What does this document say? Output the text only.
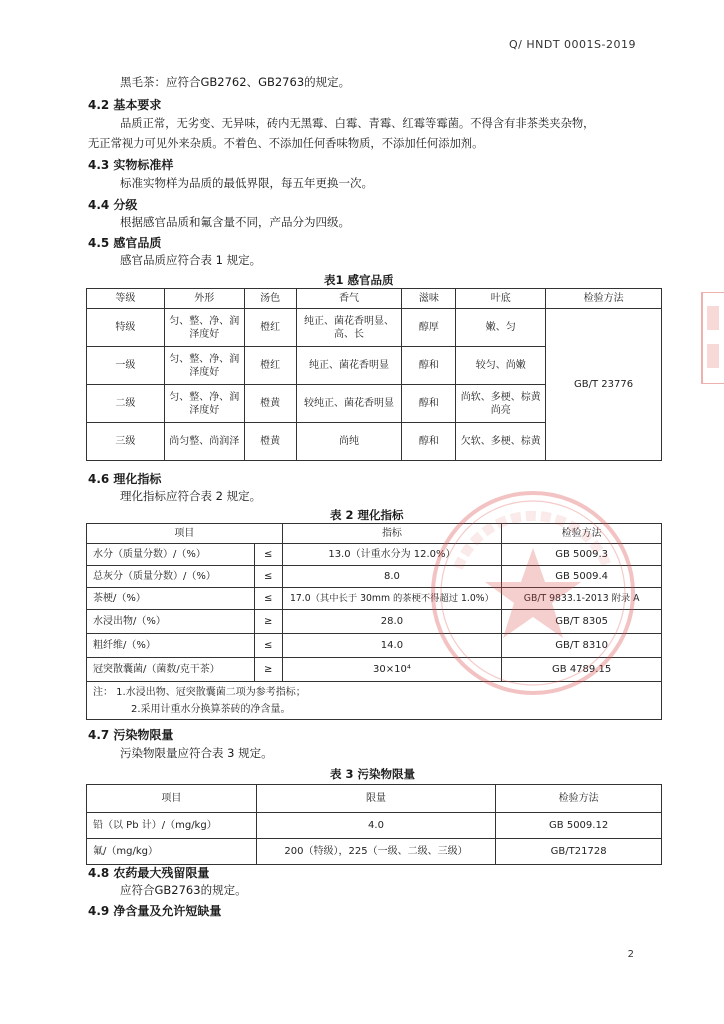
Q/ HNDT 0001S-2019
黑毛茶：应符合GB2762、GB2763的规定。
4.2 基本要求
品质正常，无劣变、无异味，砖内无黑霉、白霉、青霉、红霉等霉菌。不得含有非茶类夹杂物，
无正常视力可见外来杂质。不着色、不添加任何香味物质，不添加任何添加剂。
4.3 实物标准样
标准实物样为品质的最低界限，每五年更换一次。
4.4 分级
根据感官品质和氟含量不同，产品分为四级。
4.5 感官品质
感官品质应符合表 1 规定。
表1 感官品质
等级	外形	汤色	香气	滋味	叶底	检验方法
特级	匀、整、净、润泽度好	橙红	纯正、菌花香明显、高、长	醇厚	嫩、匀	GB/T 23776
一级	匀、整、净、润泽度好	橙红	纯正、菌花香明显	醇和	较匀、尚嫩	
二级	匀、整、净、润泽度好	橙黄	较纯正、菌花香明显	醇和	尚软、多梗、棕黄尚亮	
三级	尚匀整、尚润泽	橙黄	尚纯	醇和	欠软、多梗、棕黄	
4.6 理化指标
理化指标应符合表 2 规定。
表 2 理化指标
项目		指标	检验方法
水分（质量分数）/（%）	≤	13.0（计重水分为 12.0%）	GB 5009.3
总灰分（质量分数）/（%）	≤	8.0	GB 5009.4
茶梗/（%）	≤	17.0（其中长于 30mm 的茶梗不得超过 1.0%）	GB/T 9833.1-2013 附录 A
水浸出物/（%）	≥	28.0	GB/T 8305
粗纤维/（%）	≤	14.0	GB/T 8310
冠突散囊菌/（菌数/克干茶）	≥	30×10⁴	GB 4789.15

注： 1.水浸出物、冠突散囊菌二项为参考指标；
2.采用计重水分换算茶砖的净含量。			
4.7 污染物限量
污染物限量应符合表 3 规定。
表 3 污染物限量
项目	限量	检验方法
铅（以 Pb 计）/（mg/kg）	4.0	GB 5009.12
氟/（mg/kg）	200（特级），225（一级、二级、三级）	GB/T21728
4.8 农药最大残留限量
应符合GB2763的规定。
4.9 净含量及允许短缺量
2
